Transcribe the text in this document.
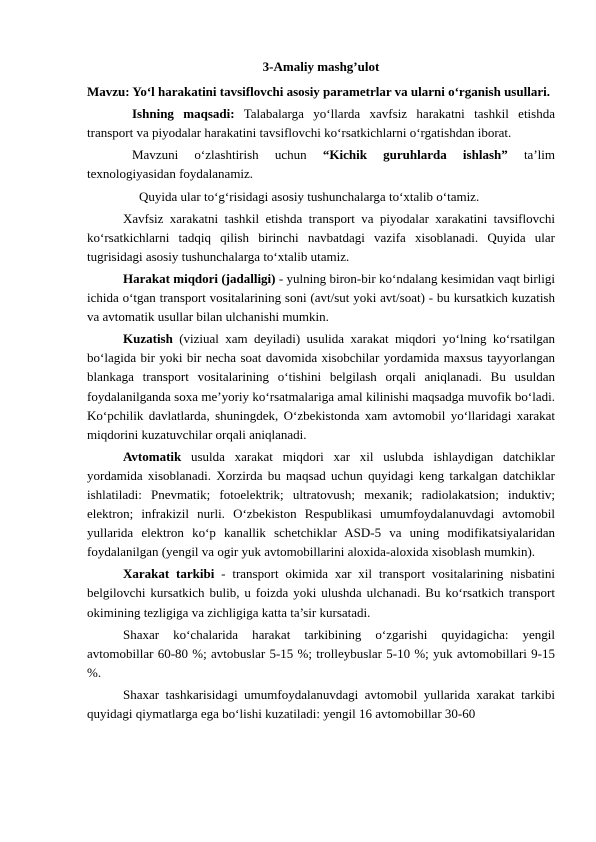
3-Amaliy mashg’ulot

Mavzu: Yo‘l harakatini tavsiflovchi asosiy parametrlar va ularni o‘rganish usullari.

Ishning maqsadi: Talabalarga yo‘llarda xavfsiz harakatni tashkil etishda transport va piyodalar harakatini tavsiflovchi ko‘rsatkichlarni o‘rgatishdan iborat.

Mavzuni o‘zlashtirish uchun “Kichik guruhlarda ishlash” ta’lim texnologiyasidan foydalanamiz.

Quyida ular to‘g‘risidagi asosiy tushunchalarga to‘xtalib o‘tamiz.

Xavfsiz xarakatni tashkil etishda transport va piyodalar xarakatini tavsiflovchi ko‘rsatkichlarni tadqiq qilish birinchi navbatdagi vazifa xisoblanadi. Quyida ular tugrisidagi asosiy tushunchalarga to‘xtalib utamiz.

Harakat miqdori (jadalligi) - yulning biron-bir ko‘ndalang kesimidan vaqt birligi ichida o‘tgan transport vositalarining soni (avt/sut yoki avt/soat) - bu kursatkich kuzatish va avtomatik usullar bilan ulchanishi mumkin.

Kuzatish (viziual xam deyiladi) usulida xarakat miqdori yo‘lning ko‘rsatilgan bo‘lagida bir yoki bir necha soat davomida xisobchilar yordamida maxsus tayyorlangan blankaga transport vositalarining o‘tishini belgilash orqali aniqlanadi. Bu usuldan foydalanilganda soxa me’yoriy ko‘rsatmalariga amal kilinishi maqsadga muvofik bo‘ladi. Ko‘pchilik davlatlarda, shuningdek, O‘zbekistonda xam avtomobil yo‘llaridagi xarakat miqdorini kuzatuvchilar orqali aniqlanadi.

Avtomatik usulda xarakat miqdori xar xil uslubda ishlaydigan datchiklar yordamida xisoblanadi. Xorzirda bu maqsad uchun quyidagi keng tarkalgan datchiklar ishlatiladi: Pnevmatik; fotoelektrik; ultratovush; mexanik; radiolakatsion; induktiv; elektron; infrakizil nurli. O‘zbekiston Respublikasi umumfoydalanuvdagi avtomobil yullarida elektron ko‘p kanallik schetchiklar ASD-5 va uning modifikatsiyalaridan foydalanilgan (yengil va ogir yuk avtomobillarini aloxida-aloxida xisoblash mumkin).

Xarakat tarkibi - transport okimida xar xil transport vositalarining nisbatini belgilovchi kursatkich bulib, u foizda yoki ulushda ulchanadi. Bu ko‘rsatkich transport okimining tezligiga va zichligiga katta ta’sir kursatadi.

Shaxar ko‘chalarida harakat tarkibining o‘zgarishi quyidagicha: yengil avtomobillar 60-80 %; avtobuslar 5-15 %; trolleybuslar 5-10 %; yuk avtomobillari 9-15 %.

Shaxar tashkarisidagi umumfoydalanuvdagi avtomobil yullarida xarakat tarkibi quyidagi qiymatlarga ega bo‘lishi kuzatiladi: yengil 16 avtomobillar 30-60
